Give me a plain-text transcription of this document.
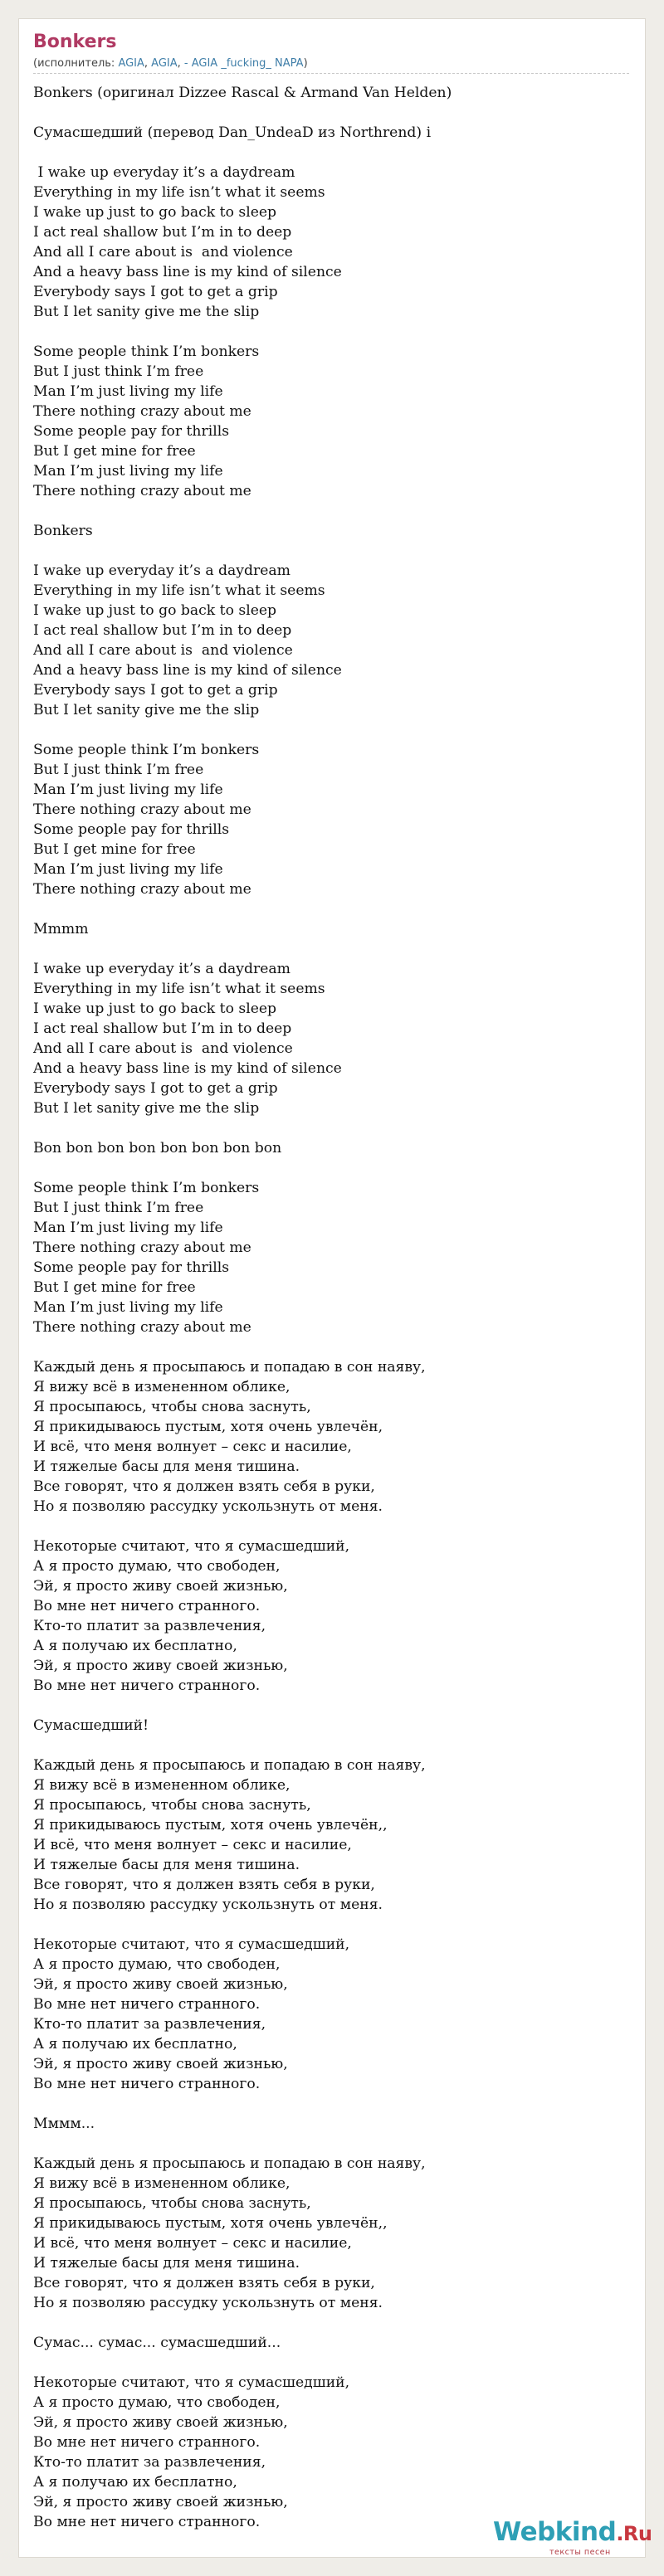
Bonkers
(исполнитель: AGIA, AGIA, - AGIA _fucking_ NAPA)
Bonkers (оригинал Dizzee Rascal & Armand Van Helden)

Сумасшедший (перевод Dan_UndeaD из Northrend) i

I wake up everyday it’s a daydream
Everything in my life isn’t what it seems
I wake up just to go back to sleep
I act real shallow but I’m in to deep
And all I care about is  and violence
And a heavy bass line is my kind of silence
Everybody says I got to get a grip
But I let sanity give me the slip

Some people think I’m bonkers
But I just think I’m free
Man I’m just living my life
There nothing crazy about me
Some people pay for thrills
But I get mine for free
Man I’m just living my life
There nothing crazy about me

Bonkers

I wake up everyday it’s a daydream
Everything in my life isn’t what it seems
I wake up just to go back to sleep
I act real shallow but I’m in to deep
And all I care about is  and violence
And a heavy bass line is my kind of silence
Everybody says I got to get a grip
But I let sanity give me the slip

Some people think I’m bonkers
But I just think I’m free
Man I’m just living my life
There nothing crazy about me
Some people pay for thrills
But I get mine for free
Man I’m just living my life
There nothing crazy about me

Mmmm

I wake up everyday it’s a daydream
Everything in my life isn’t what it seems
I wake up just to go back to sleep
I act real shallow but I’m in to deep
And all I care about is  and violence
And a heavy bass line is my kind of silence
Everybody says I got to get a grip
But I let sanity give me the slip

Bon bon bon bon bon bon bon bon

Some people think I’m bonkers
But I just think I’m free
Man I’m just living my life
There nothing crazy about me
Some people pay for thrills
But I get mine for free
Man I’m just living my life
There nothing crazy about me

Каждый день я просыпаюсь и попадаю в сон наяву,
Я вижу всё в измененном облике,
Я просыпаюсь, чтобы снова заснуть,
Я прикидываюсь пустым, хотя очень увлечён,
И всё, что меня волнует – секс и насилие,
И тяжелые басы для меня тишина.
Все говорят, что я должен взять себя в руки,
Но я позволяю рассудку ускользнуть от меня.

Некоторые считают, что я сумасшедший,
А я просто думаю, что свободен,
Эй, я просто живу своей жизнью,
Во мне нет ничего странного.
Кто-то платит за развлечения,
А я получаю их бесплатно,
Эй, я просто живу своей жизнью,
Во мне нет ничего странного.

Сумасшедший!

Каждый день я просыпаюсь и попадаю в сон наяву,
Я вижу всё в измененном облике,
Я просыпаюсь, чтобы снова заснуть,
Я прикидываюсь пустым, хотя очень увлечён,,
И всё, что меня волнует – секс и насилие,
И тяжелые басы для меня тишина.
Все говорят, что я должен взять себя в руки,
Но я позволяю рассудку ускользнуть от меня.

Некоторые считают, что я сумасшедший,
А я просто думаю, что свободен,
Эй, я просто живу своей жизнью,
Во мне нет ничего странного.
Кто-то платит за развлечения,
А я получаю их бесплатно,
Эй, я просто живу своей жизнью,
Во мне нет ничего странного.

Мммм...

Каждый день я просыпаюсь и попадаю в сон наяву,
Я вижу всё в измененном облике,
Я просыпаюсь, чтобы снова заснуть,
Я прикидываюсь пустым, хотя очень увлечён,,
И всё, что меня волнует – секс и насилие,
И тяжелые басы для меня тишина.
Все говорят, что я должен взять себя в руки,
Но я позволяю рассудку ускользнуть от меня.

Сумас... сумас... сумасшедший...

Некоторые считают, что я сумасшедший,
А я просто думаю, что свободен,
Эй, я просто живу своей жизнью,
Во мне нет ничего странного.
Кто-то платит за развлечения,
А я получаю их бесплатно,
Эй, я просто живу своей жизнью,
Во мне нет ничего странного.	Webkind.Ru
тексты песен
